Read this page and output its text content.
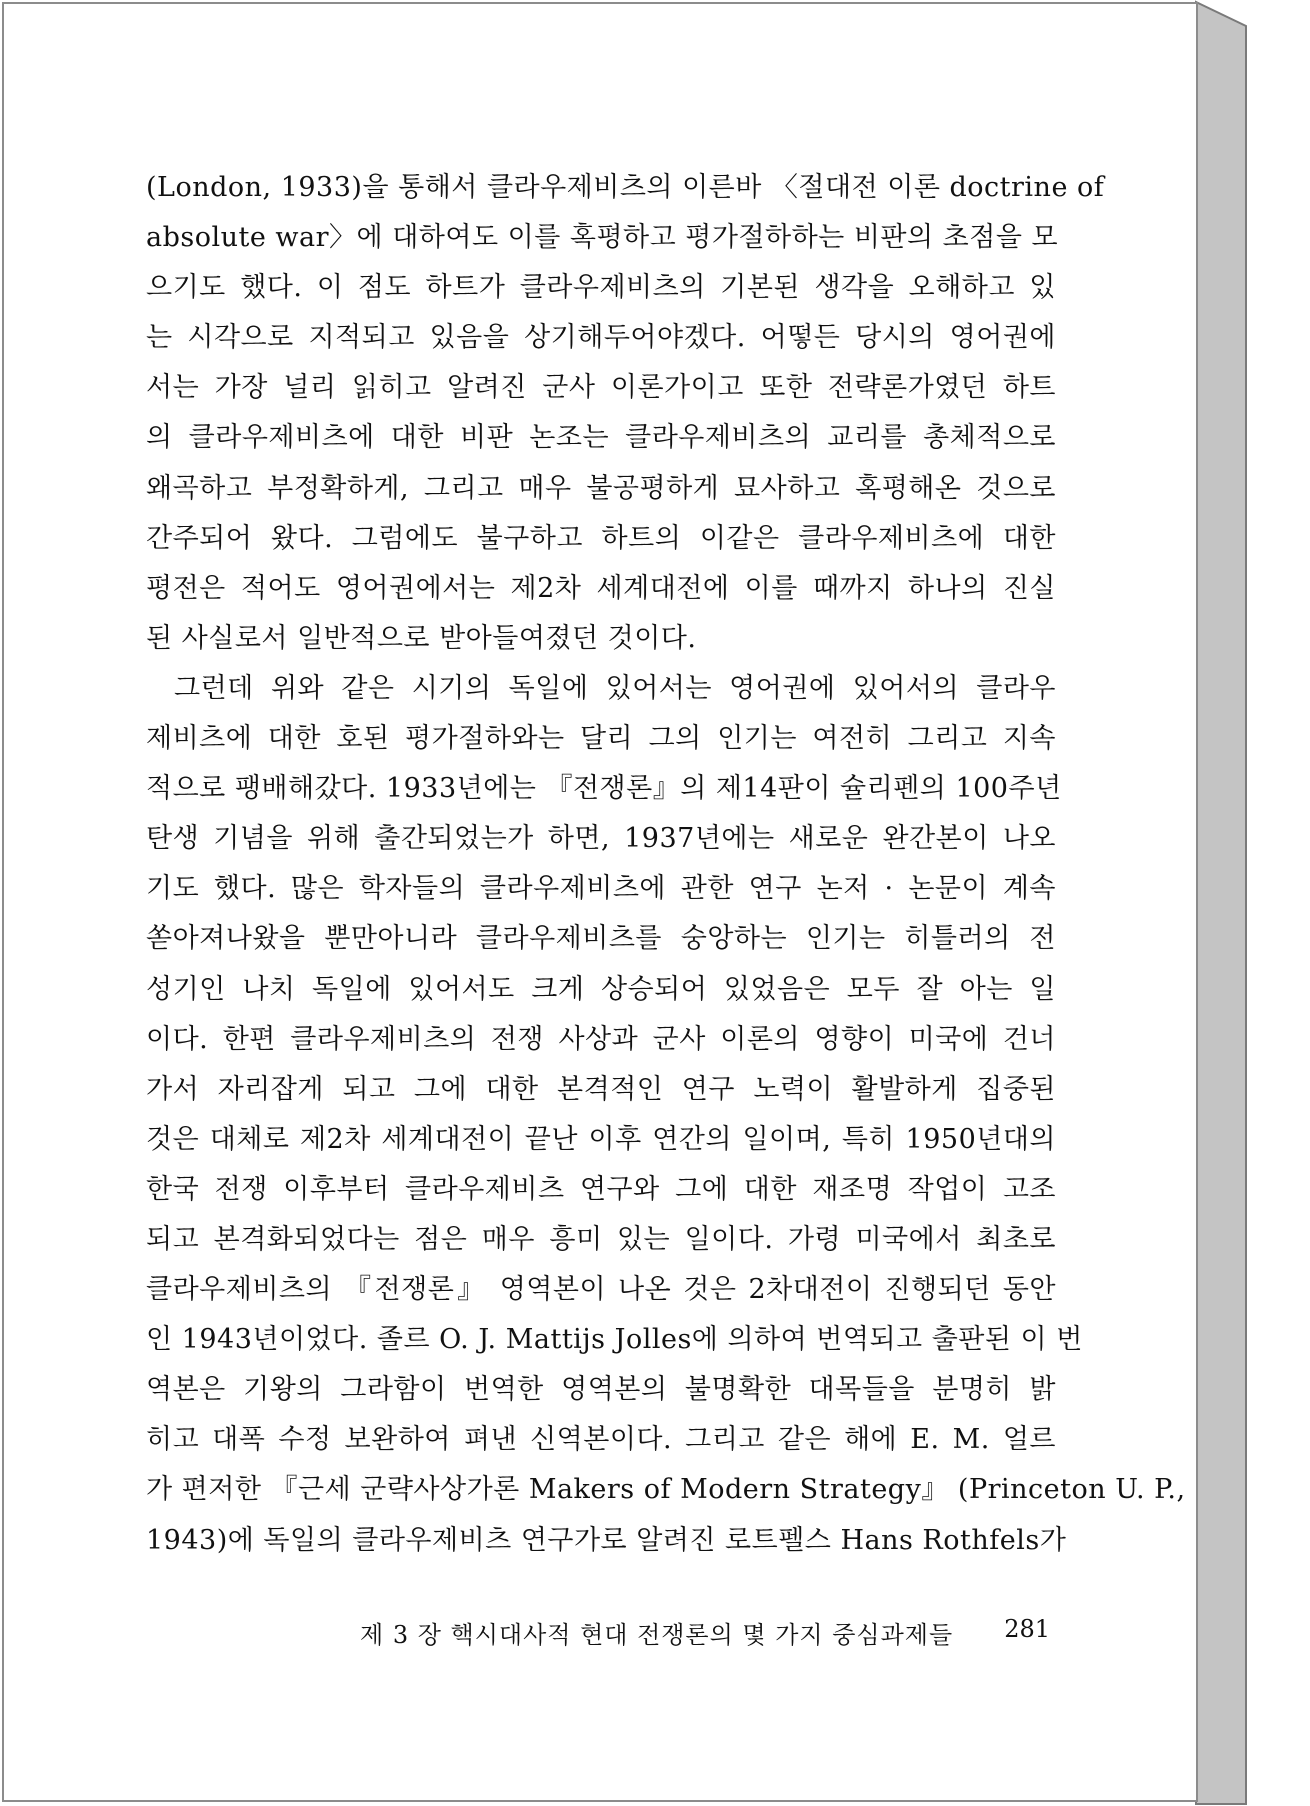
(London, 1933)을 통해서 클라우제비츠의 이른바 〈절대전 이론 doctrine of
absolute war〉에 대하여도 이를 혹평하고 평가절하하는 비판의 초점을 모
으기도 했다. 이 점도 하트가 클라우제비츠의 기본된 생각을 오해하고 있
는 시각으로 지적되고 있음을 상기해두어야겠다. 어떻든 당시의 영어권에
서는 가장 널리 읽히고 알려진 군사 이론가이고 또한 전략론가였던 하트
의 클라우제비츠에 대한 비판 논조는 클라우제비츠의 교리를 총체적으로
왜곡하고 부정확하게, 그리고 매우 불공평하게 묘사하고 혹평해온 것으로
간주되어 왔다. 그럼에도 불구하고 하트의 이같은 클라우제비츠에 대한
평전은 적어도 영어권에서는 제2차 세계대전에 이를 때까지 하나의 진실
된 사실로서 일반적으로 받아들여졌던 것이다.
그런데 위와 같은 시기의 독일에 있어서는 영어권에 있어서의 클라우
제비츠에 대한 호된 평가절하와는 달리 그의 인기는 여전히 그리고 지속
적으로 팽배해갔다. 1933년에는 『전쟁론』의 제14판이 슐리펜의 100주년
탄생 기념을 위해 출간되었는가 하면, 1937년에는 새로운 완간본이 나오
기도 했다. 많은 학자들의 클라우제비츠에 관한 연구 논저 · 논문이 계속
쏟아져나왔을 뿐만아니라 클라우제비츠를 숭앙하는 인기는 히틀러의 전
성기인 나치 독일에 있어서도 크게 상승되어 있었음은 모두 잘 아는 일
이다. 한편 클라우제비츠의 전쟁 사상과 군사 이론의 영향이 미국에 건너
가서 자리잡게 되고 그에 대한 본격적인 연구 노력이 활발하게 집중된
것은 대체로 제2차 세계대전이 끝난 이후 연간의 일이며, 특히 1950년대의
한국 전쟁 이후부터 클라우제비츠 연구와 그에 대한 재조명 작업이 고조
되고 본격화되었다는 점은 매우 흥미 있는 일이다. 가령 미국에서 최초로
클라우제비츠의 『전쟁론』 영역본이 나온 것은 2차대전이 진행되던 동안
인 1943년이었다. 졸르 O. J. Mattijs Jolles에 의하여 번역되고 출판된 이 번
역본은 기왕의 그라함이 번역한 영역본의 불명확한 대목들을 분명히 밝
히고 대폭 수정 보완하여 펴낸 신역본이다. 그리고 같은 해에 E. M. 얼르
가 편저한 『근세 군략사상가론 Makers of Modern Strategy』 (Princeton U. P.,
1943)에 독일의 클라우제비츠 연구가로 알려진 로트펠스 Hans Rothfels가
제 3 장 핵시대사적 현대 전쟁론의 몇 가지 중심과제들 281
